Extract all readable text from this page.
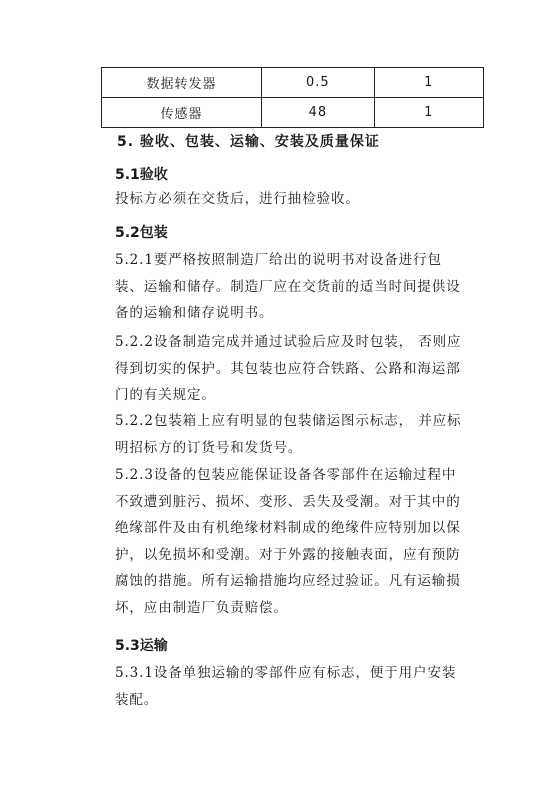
数据转发器	0.5	1
传感器	48	1
5. 验收、包装、运输、安装及质量保证
5.1验收
投标方必须在交货后，进行抽检验收。
5.2包装
5.2.1要严格按照制造厂给出的说明书对设备进行包装、运输和储存。制造厂应在交货前的适当时间提供设备的运输和储存说明书。
5.2.2设备制造完成并通过试验后应及时包装， 否则应得到切实的保护。其包装也应符合铁路、公路和海运部门的有关规定。
5.2.2包装箱上应有明显的包装储运图示标志， 并应标明招标方的订货号和发货号。
5.2.3设备的包装应能保证设备各零部件在运输过程中不致遭到脏污、损坏、变形、丢失及受潮。对于其中的绝缘部件及由有机绝缘材料制成的绝缘件应特别加以保护，以免损坏和受潮。对于外露的接触表面，应有预防腐蚀的措施。所有运输措施均应经过验证。凡有运输损坏，应由制造厂负责赔偿。
5.3运输
5.3.1设备单独运输的零部件应有标志，便于用户安装装配。
